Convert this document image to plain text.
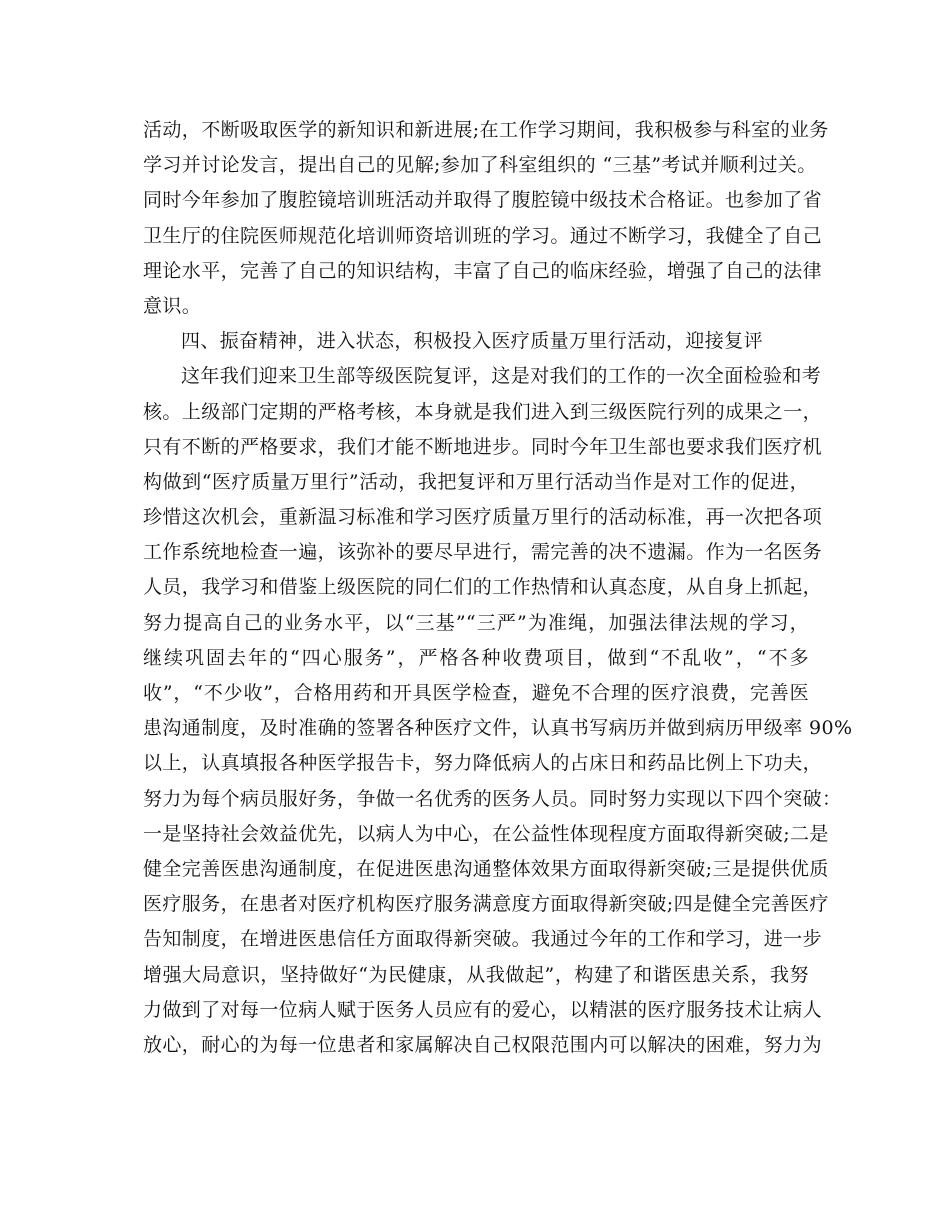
活动，不断吸取医学的新知识和新进展;在工作学习期间，我积极参与科室的业务
学习并讨论发言，提出自己的见解;参加了科室组织的 “三基”考试并顺利过关。
同时今年参加了腹腔镜培训班活动并取得了腹腔镜中级技术合格证。也参加了省
卫生厅的住院医师规范化培训师资培训班的学习。通过不断学习，我健全了自己
理论水平，完善了自己的知识结构，丰富了自己的临床经验，增强了自己的法律
意识。
四、振奋精神，进入状态，积极投入医疗质量万里行活动，迎接复评
这年我们迎来卫生部等级医院复评，这是对我们的工作的一次全面检验和考
核。上级部门定期的严格考核，本身就是我们进入到三级医院行列的成果之一，
只有不断的严格要求，我们才能不断地进步。同时今年卫生部也要求我们医疗机
构做到“医疗质量万里行”活动，我把复评和万里行活动当作是对工作的促进，
珍惜这次机会，重新温习标准和学习医疗质量万里行的活动标准，再一次把各项
工作系统地检查一遍，该弥补的要尽早进行，需完善的决不遗漏。作为一名医务
人员，我学习和借鉴上级医院的同仁们的工作热情和认真态度，从自身上抓起，
努力提高自己的业务水平，以“三基”“三严”为准绳，加强法律法规的学习，
继续巩固去年的“四心服务”，严格各种收费项目，做到“不乱收”，“不多
收”，“不少收”，合格用药和开具医学检查，避免不合理的医疗浪费，完善医
患沟通制度，及时准确的签署各种医疗文件，认真书写病历并做到病历甲级率 90%
以上，认真填报各种医学报告卡，努力降低病人的占床日和药品比例上下功夫，
努力为每个病员服好务，争做一名优秀的医务人员。同时努力实现以下四个突破：
一是坚持社会效益优先，以病人为中心，在公益性体现程度方面取得新突破;二是
健全完善医患沟通制度，在促进医患沟通整体效果方面取得新突破;三是提供优质
医疗服务，在患者对医疗机构医疗服务满意度方面取得新突破;四是健全完善医疗
告知制度，在增进医患信任方面取得新突破。我通过今年的工作和学习，进一步
增强大局意识，坚持做好“为民健康，从我做起”，构建了和谐医患关系，我努
力做到了对每一位病人赋于医务人员应有的爱心，以精湛的医疗服务技术让病人
放心，耐心的为每一位患者和家属解决自己权限范围内可以解决的困难，努力为
